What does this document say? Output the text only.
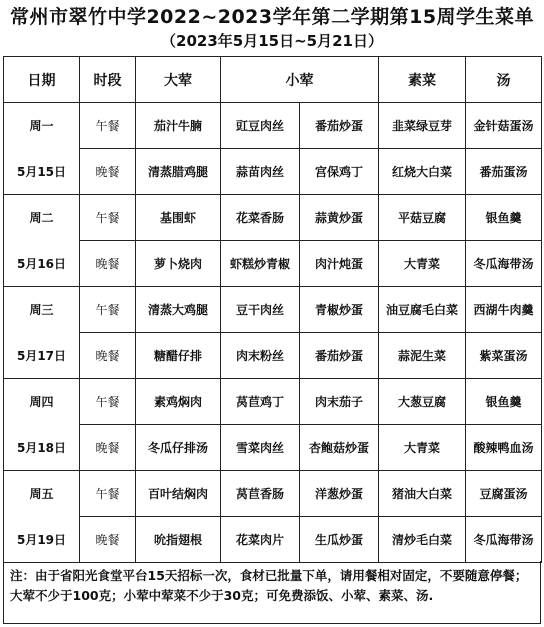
常州市翠竹中学2022~2023学年第二学期第15周学生菜单
（2023年5月15日~5月21日）
日期	时段	大荤	小荤		素菜	汤
周一	午餐	茄汁牛腩	豇豆肉丝	番茄炒蛋	韭菜绿豆芽	金针菇蛋汤
5月15日	晚餐	清蒸腊鸡腿	蒜苗肉丝	宫保鸡丁	红烧大白菜	番茄蛋汤
周二	午餐	基围虾	花菜香肠	蒜黄炒蛋	平菇豆腐	银鱼羹
5月16日	晚餐	萝卜烧肉	虾糕炒青椒	肉汁炖蛋	大青菜	冬瓜海带汤
周三	午餐	清蒸大鸡腿	豆干肉丝	青椒炒蛋	油豆腐毛白菜	西湖牛肉羹
5月17日	晚餐	糖醋仔排	肉末粉丝	番茄炒蛋	蒜泥生菜	紫菜蛋汤
周四	午餐	素鸡焖肉	莴苣鸡丁	肉末茄子	大葱豆腐	银鱼羹
5月18日	晚餐	冬瓜仔排汤	雪菜肉丝	杏鲍菇炒蛋	大青菜	酸辣鸭血汤
周五	午餐	百叶结焖肉	莴苣香肠	洋葱炒蛋	猪油大白菜	豆腐蛋汤
5月19日	晚餐	吮指翅根	花菜肉片	生瓜炒蛋	清炒毛白菜	冬瓜海带汤
注：由于省阳光食堂平台15天招标一次，食材已批量下单，请用餐相对固定，不要随意停餐；大荤不少于100克；小荤中荤菜不少于30克；可免费添饭、小荤、素菜、汤.
